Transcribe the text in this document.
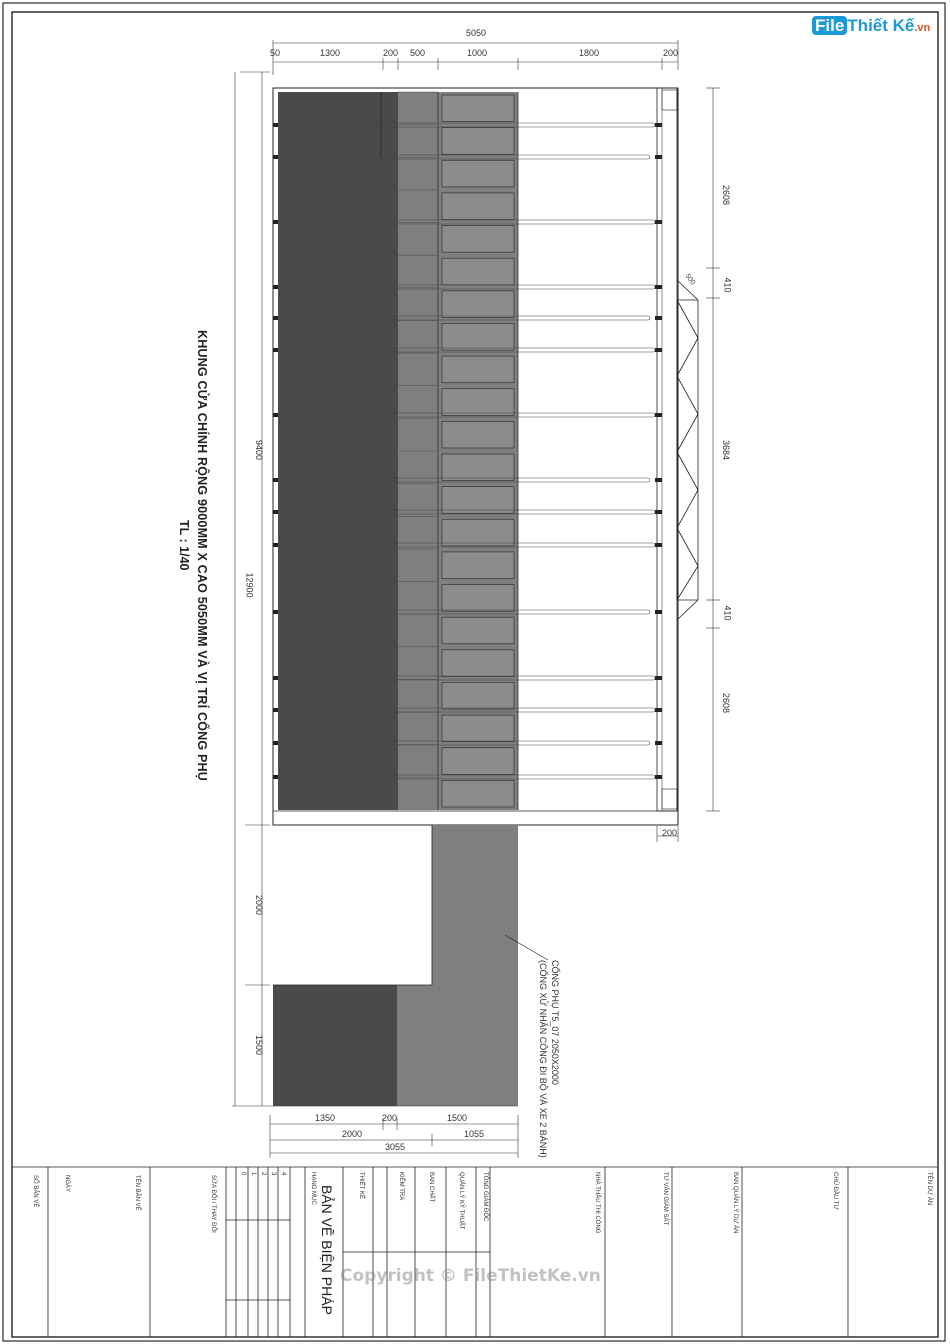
File Thiết Kế.vn
KHUNG CỬA CHÍNH RỘNG 9000MM X CAO 5050MM VÀ VỊ TRÍ CỔNG PHỤ
TL : 1/40
CỔNG PHỤ T5_07 2050X2000
(CỔNG XỬ NHÂN CÔNG ĐI BỘ VÀ XE 2 BÁNH)
5050
50	1300	200 500	1000	1800	200
12900
9400
2000
1500
2608
410
3684
410
2608
500
200
1350	200	1500
2000	1055
3055
SỐ BẢN VẼ	NGÀY	TÊN BẢN VẼ	SỬA ĐỔI / THAY ĐỔI	HẠNG MỤC	THIẾT KẾ	KIỂM TRA	BAN CHẤT	QUẢN LÝ KỸ THUẬT	TỔNG GIÁM ĐỐC	NHÀ THẦU THI CÔNG	TƯ VẤN GIÁM SÁT	BAN QUẢN LÝ DỰ ÁN	CHỦ ĐẦU TƯ	TÊN DỰ ÁN
0 1 2 3 4
BẢN VẼ BIỆN PHÁP Copyright © FileThietKe.vn
